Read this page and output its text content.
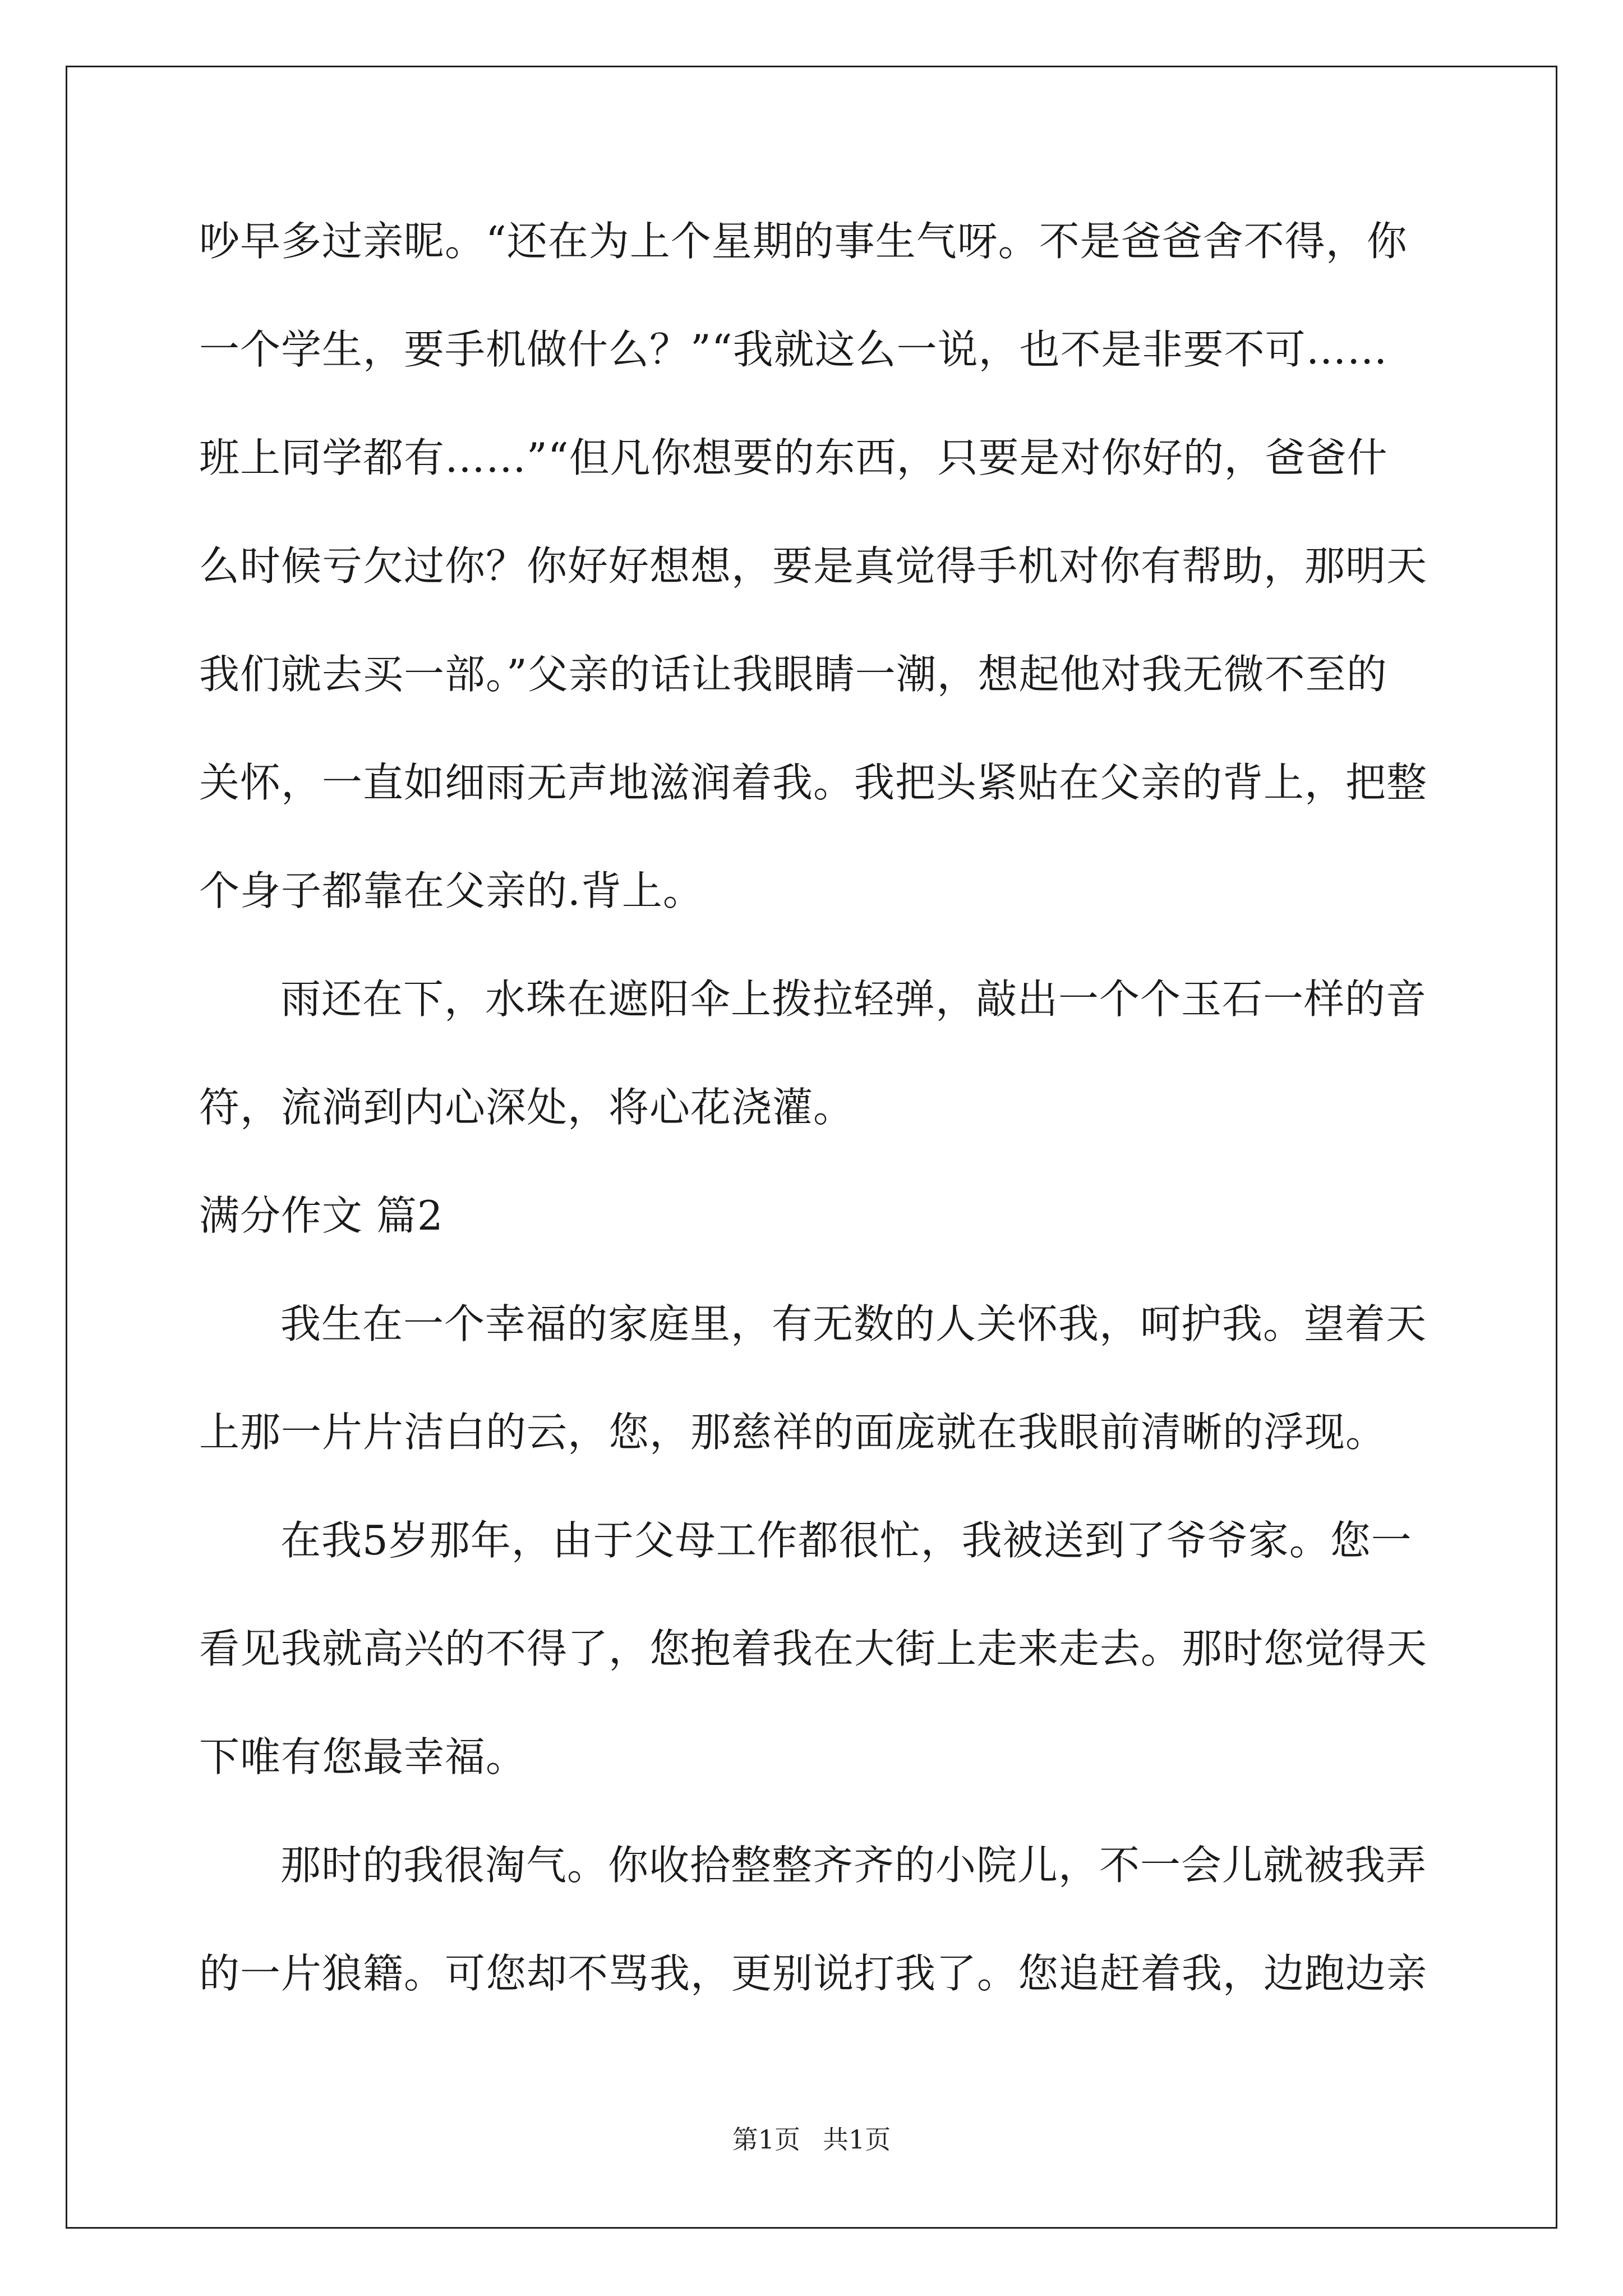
吵早多过亲昵。“还在为上个星期的事生气呀。不是爸爸舍不得，你
一个学生，要手机做什么？”“我就这么一说，也不是非要不可……
班上同学都有……”“但凡你想要的东西，只要是对你好的，爸爸什
么时候亏欠过你？你好好想想，要是真觉得手机对你有帮助，那明天
我们就去买一部。”父亲的话让我眼睛一潮，想起他对我无微不至的
关怀，一直如细雨无声地滋润着我。我把头紧贴在父亲的背上，把整
个身子都靠在父亲的.背上。
雨还在下，水珠在遮阳伞上拨拉轻弹，敲出一个个玉石一样的音
符，流淌到内心深处，将心花浇灌。
满分作文 篇2
我生在一个幸福的家庭里，有无数的人关怀我，呵护我。望着天
上那一片片洁白的云，您，那慈祥的面庞就在我眼前清晰的浮现。
在我5岁那年，由于父母工作都很忙，我被送到了爷爷家。您一
看见我就高兴的不得了，您抱着我在大街上走来走去。那时您觉得天
下唯有您最幸福。
那时的我很淘气。你收拾整整齐齐的小院儿，不一会儿就被我弄
的一片狼籍。可您却不骂我，更别说打我了。您追赶着我，边跑边亲
第1页 共1页
